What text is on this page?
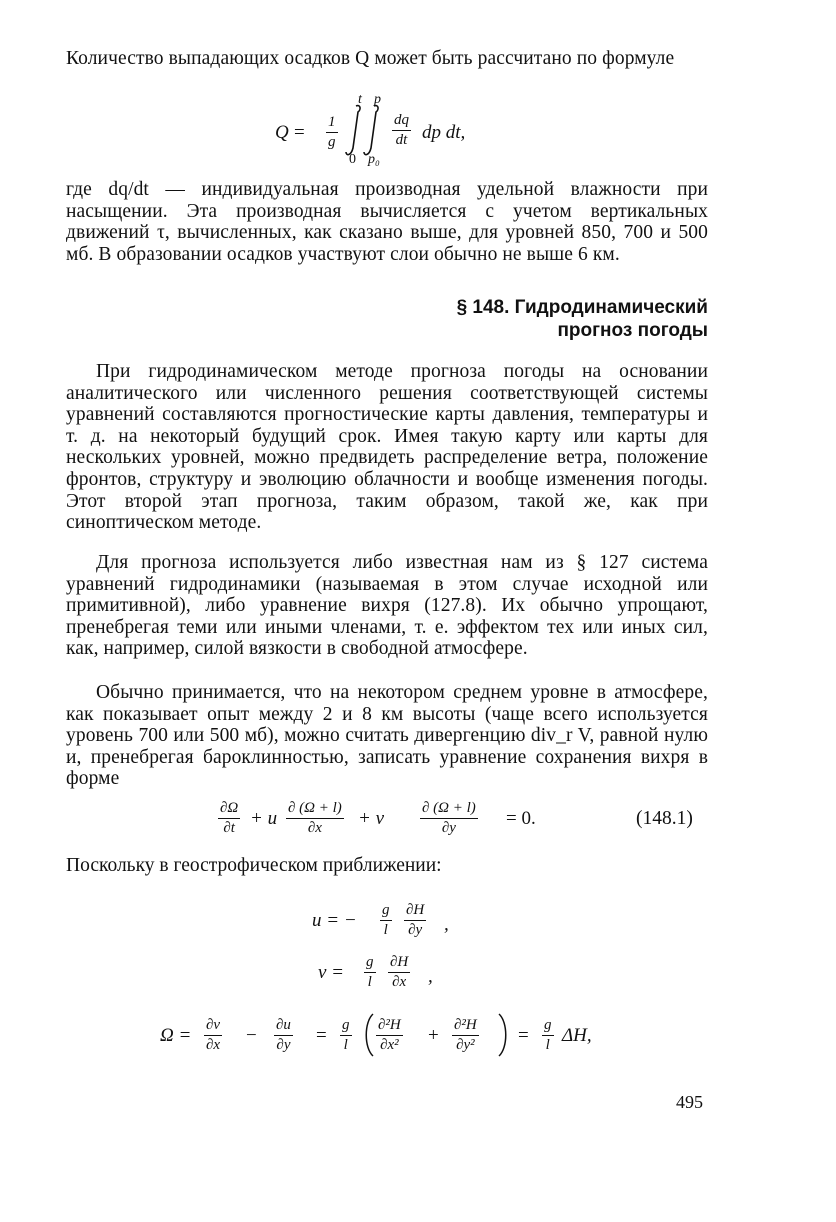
Количество выпадающих осадков Q может быть рассчитано по формуле

$Q = \frac{1}{g}$
t
0
p
p₀
$\frac{dq}{dt}$ dp dt,

где dq/dt — индивидуальная производная удельной влажности при насыщении. Эта производная вычисляется с учетом вертикальных движений τ, вычисленных, как сказано выше, для уровней 850, 700 и 500 мб. В образовании осадков участвуют слои обычно не выше 6 км.

§ 148. Гидродинамический

прогноз погоды

При гидродинамическом методе прогноза погоды на основании аналитического или численного решения соответствующей системы уравнений составляются прогностические карты давления, температуры и т. д. на некоторый будущий срок. Имея такую карту или карты для нескольких уровней, можно предвидеть распределение ветра, положение фронтов, структуру и эволюцию облачности и вообще изменения погоды. Этот второй этап прогноза, таким образом, такой же, как при синоптическом методе.

Для прогноза используется либо известная нам из § 127 система уравнений гидродинамики (называемая в этом случае исходной или примитивной), либо уравнение вихря (127.8). Их обычно упрощают, пренебрегая теми или иными членами, т. е. эффектом тех или иных сил, как, например, силой вязкости в свободной атмосфере.

Обычно принимается, что на некотором среднем уровне в атмосфере, как показывает опыт между 2 и 8 км высоты (чаще всего используется уровень 700 или 500 мб), можно считать дивергенцию div_r V, равной нулю и, пренебрегая бароклинностью, записать уравнение сохранения вихря в форме

$\frac{\partial\Omega}{\partial t} + u \frac{\partial (\Omega + l)}{\partial x} + v \frac{\partial (\Omega + l)}{\partial y} = 0$.	(148.1)

Поскольку в геострофическом приближении:

u = − $\frac{g}{l} \frac{\partial H}{\partial y}$ ,
$v = \frac{g}{l} \frac{\partial H}{\partial x}$ ,
$\Omega = \frac{\partial v}{\partial x} - \frac{\partial u}{\partial y} = \frac{g}{l} \frac{\text{∂²H}}{\text{∂x²}} + \frac{\text{∂²H}}{\text{∂y²}} = \frac{g}{l} \Delta H$,
495
